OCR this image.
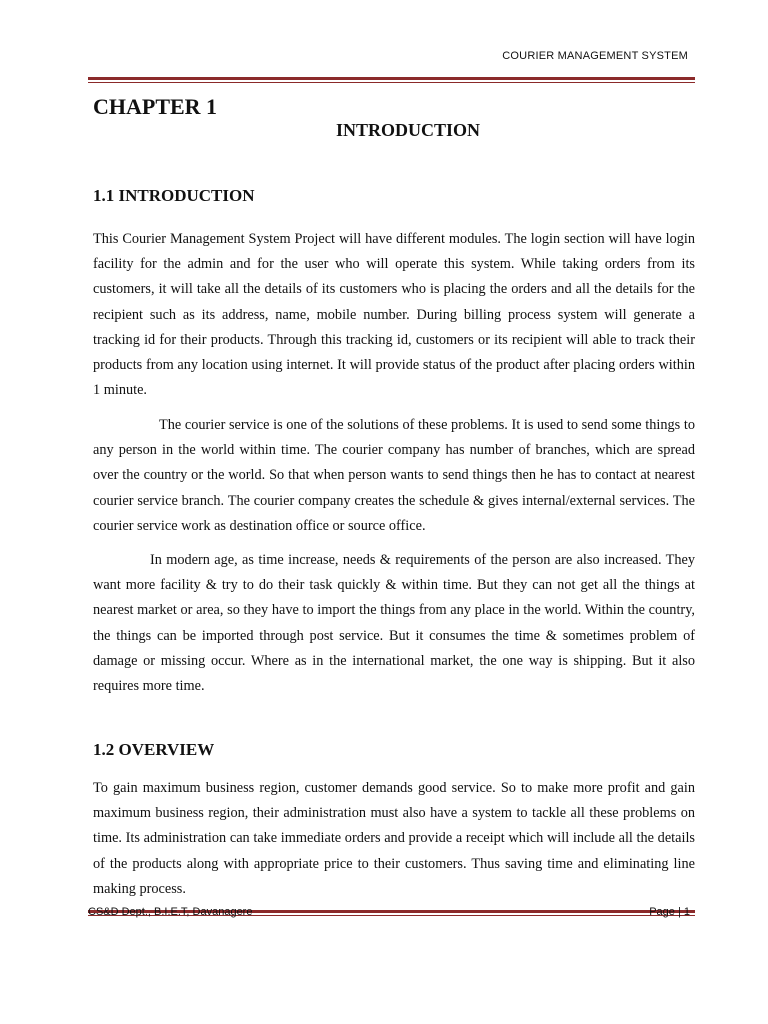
COURIER MANAGEMENT SYSTEM
CHAPTER 1
INTRODUCTION
1.1 INTRODUCTION

This Courier Management System Project will have different modules. The login section will have login facility for the admin and for the user who will operate this system. While taking orders from its customers, it will take all the details of its customers who is placing the orders and all the details for the recipient such as its address, name, mobile number. During billing process system will generate a tracking id for their products. Through this tracking id, customers or its recipient will able to track their products from any location using internet. It will provide status of the product after placing orders within 1 minute.

The courier service is one of the solutions of these problems. It is used to send some things to any person in the world within time. The courier company has number of branches, which are spread over the country or the world. So that when person wants to send things then he has to contact at nearest courier service branch. The courier company creates the schedule & gives internal/external services. The courier service work as destination office or source office.

In modern age, as time increase, needs & requirements of the person are also increased. They want more facility & try to do their task quickly & within time. But they can not get all the things at nearest market or area, so they have to import the things from any place in the world. Within the country, the things can be imported through post service. But it consumes the time & sometimes problem of damage or missing occur. Where as in the international market, the one way is shipping. But it also requires more time.

1.2 OVERVIEW

To gain maximum business region, customer demands good service. So to make more profit and gain maximum business region, their administration must also have a system to tackle all these problems on time. Its administration can take immediate orders and provide a receipt which will include all the details of the products along with appropriate price to their customers. Thus saving time and eliminating line making process.

CS&D Dept., B.I.E.T, Davanagere	Page | 1
